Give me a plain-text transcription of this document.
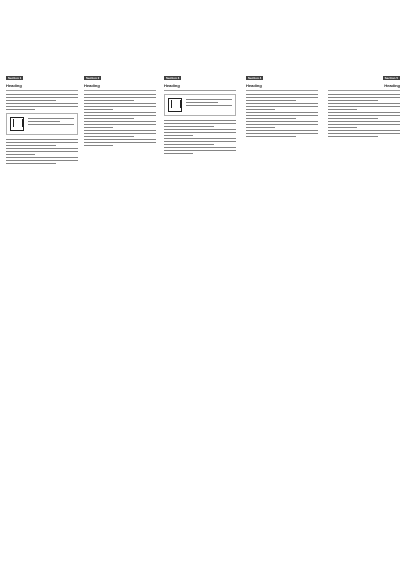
Section 1
Heading

Section 2
Heading
Section 3
Heading

Section 4
Heading
Section 5
Heading
